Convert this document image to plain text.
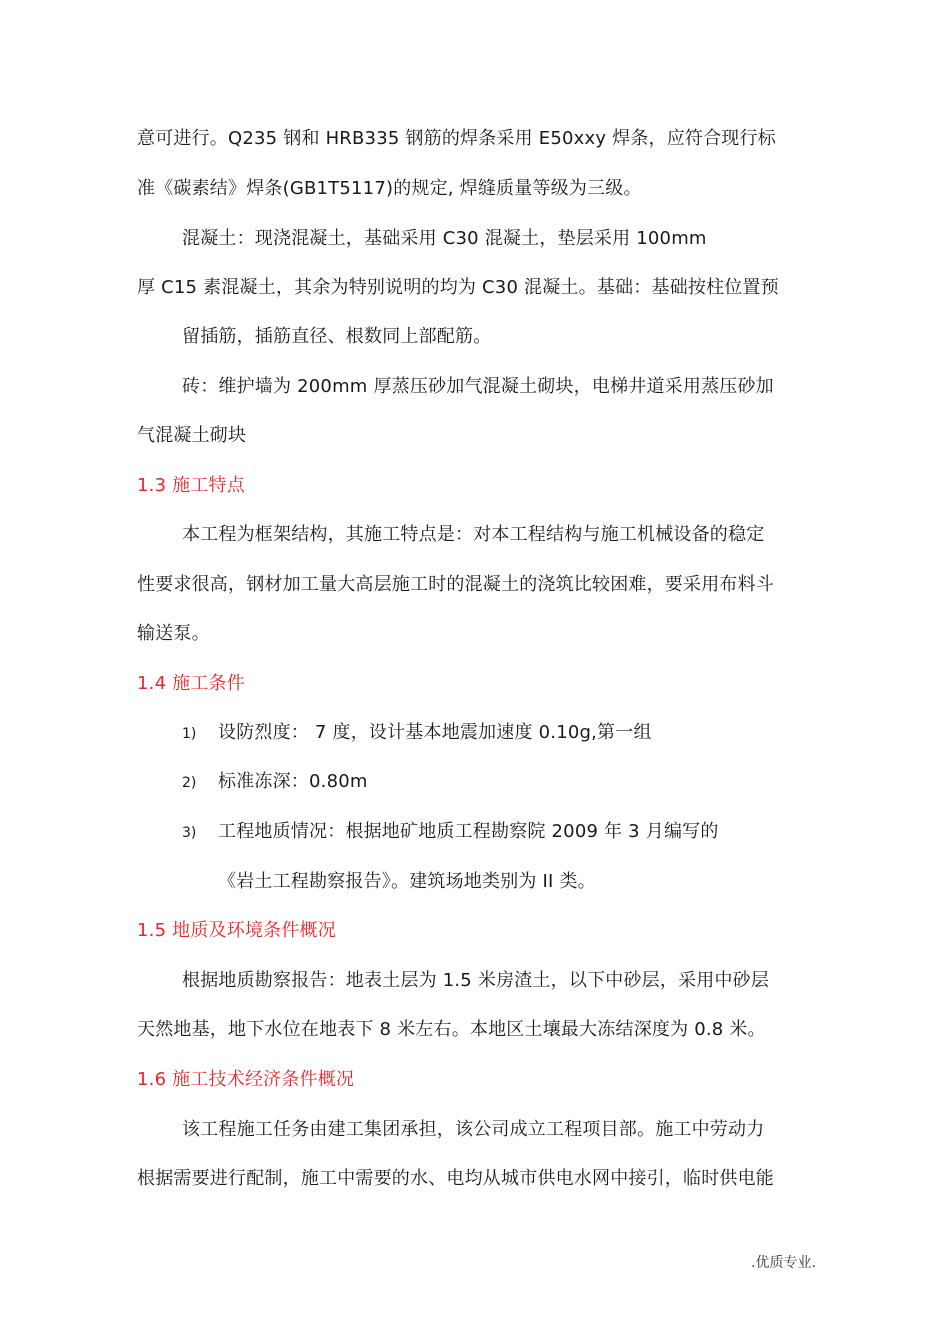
意可进行。Q235 钢和 HRB335 钢筋的焊条采用 E50xxy 焊条，应符合现行标
准《碳素结》焊条(GB1T5117)的规定, 焊缝质量等级为三级。
混凝土：现浇混凝土，基础采用 C30 混凝土，垫层采用 100mm
厚 C15 素混凝土，其余为特别说明的均为 C30 混凝土。基础：基础按柱位置预
留插筋，插筋直径、根数同上部配筋。
砖：维护墙为 200mm 厚蒸压砂加气混凝土砌块，电梯井道采用蒸压砂加
气混凝土砌块
1.3 施工特点
本工程为框架结构，其施工特点是：对本工程结构与施工机械设备的稳定
性要求很高，钢材加工量大高层施工时的混凝土的浇筑比较困难，要采用布料斗
输送泵。
1.4 施工条件
1) 设防烈度： 7 度，设计基本地震加速度 0.10g,第一组
2) 标准冻深：0.80m
3) 工程地质情况：根据地矿地质工程勘察院 2009 年 3 月编写的
《岩土工程勘察报告》。建筑场地类别为 II 类。
1.5 地质及环境条件概况
根据地质勘察报告：地表土层为 1.5 米房渣土，以下中砂层，采用中砂层
天然地基，地下水位在地表下 8 米左右。本地区土壤最大冻结深度为 0.8 米。
1.6 施工技术经济条件概况
该工程施工任务由建工集团承担，该公司成立工程项目部。施工中劳动力
根据需要进行配制，施工中需要的水、电均从城市供电水网中接引，临时供电能
.优质专业.
